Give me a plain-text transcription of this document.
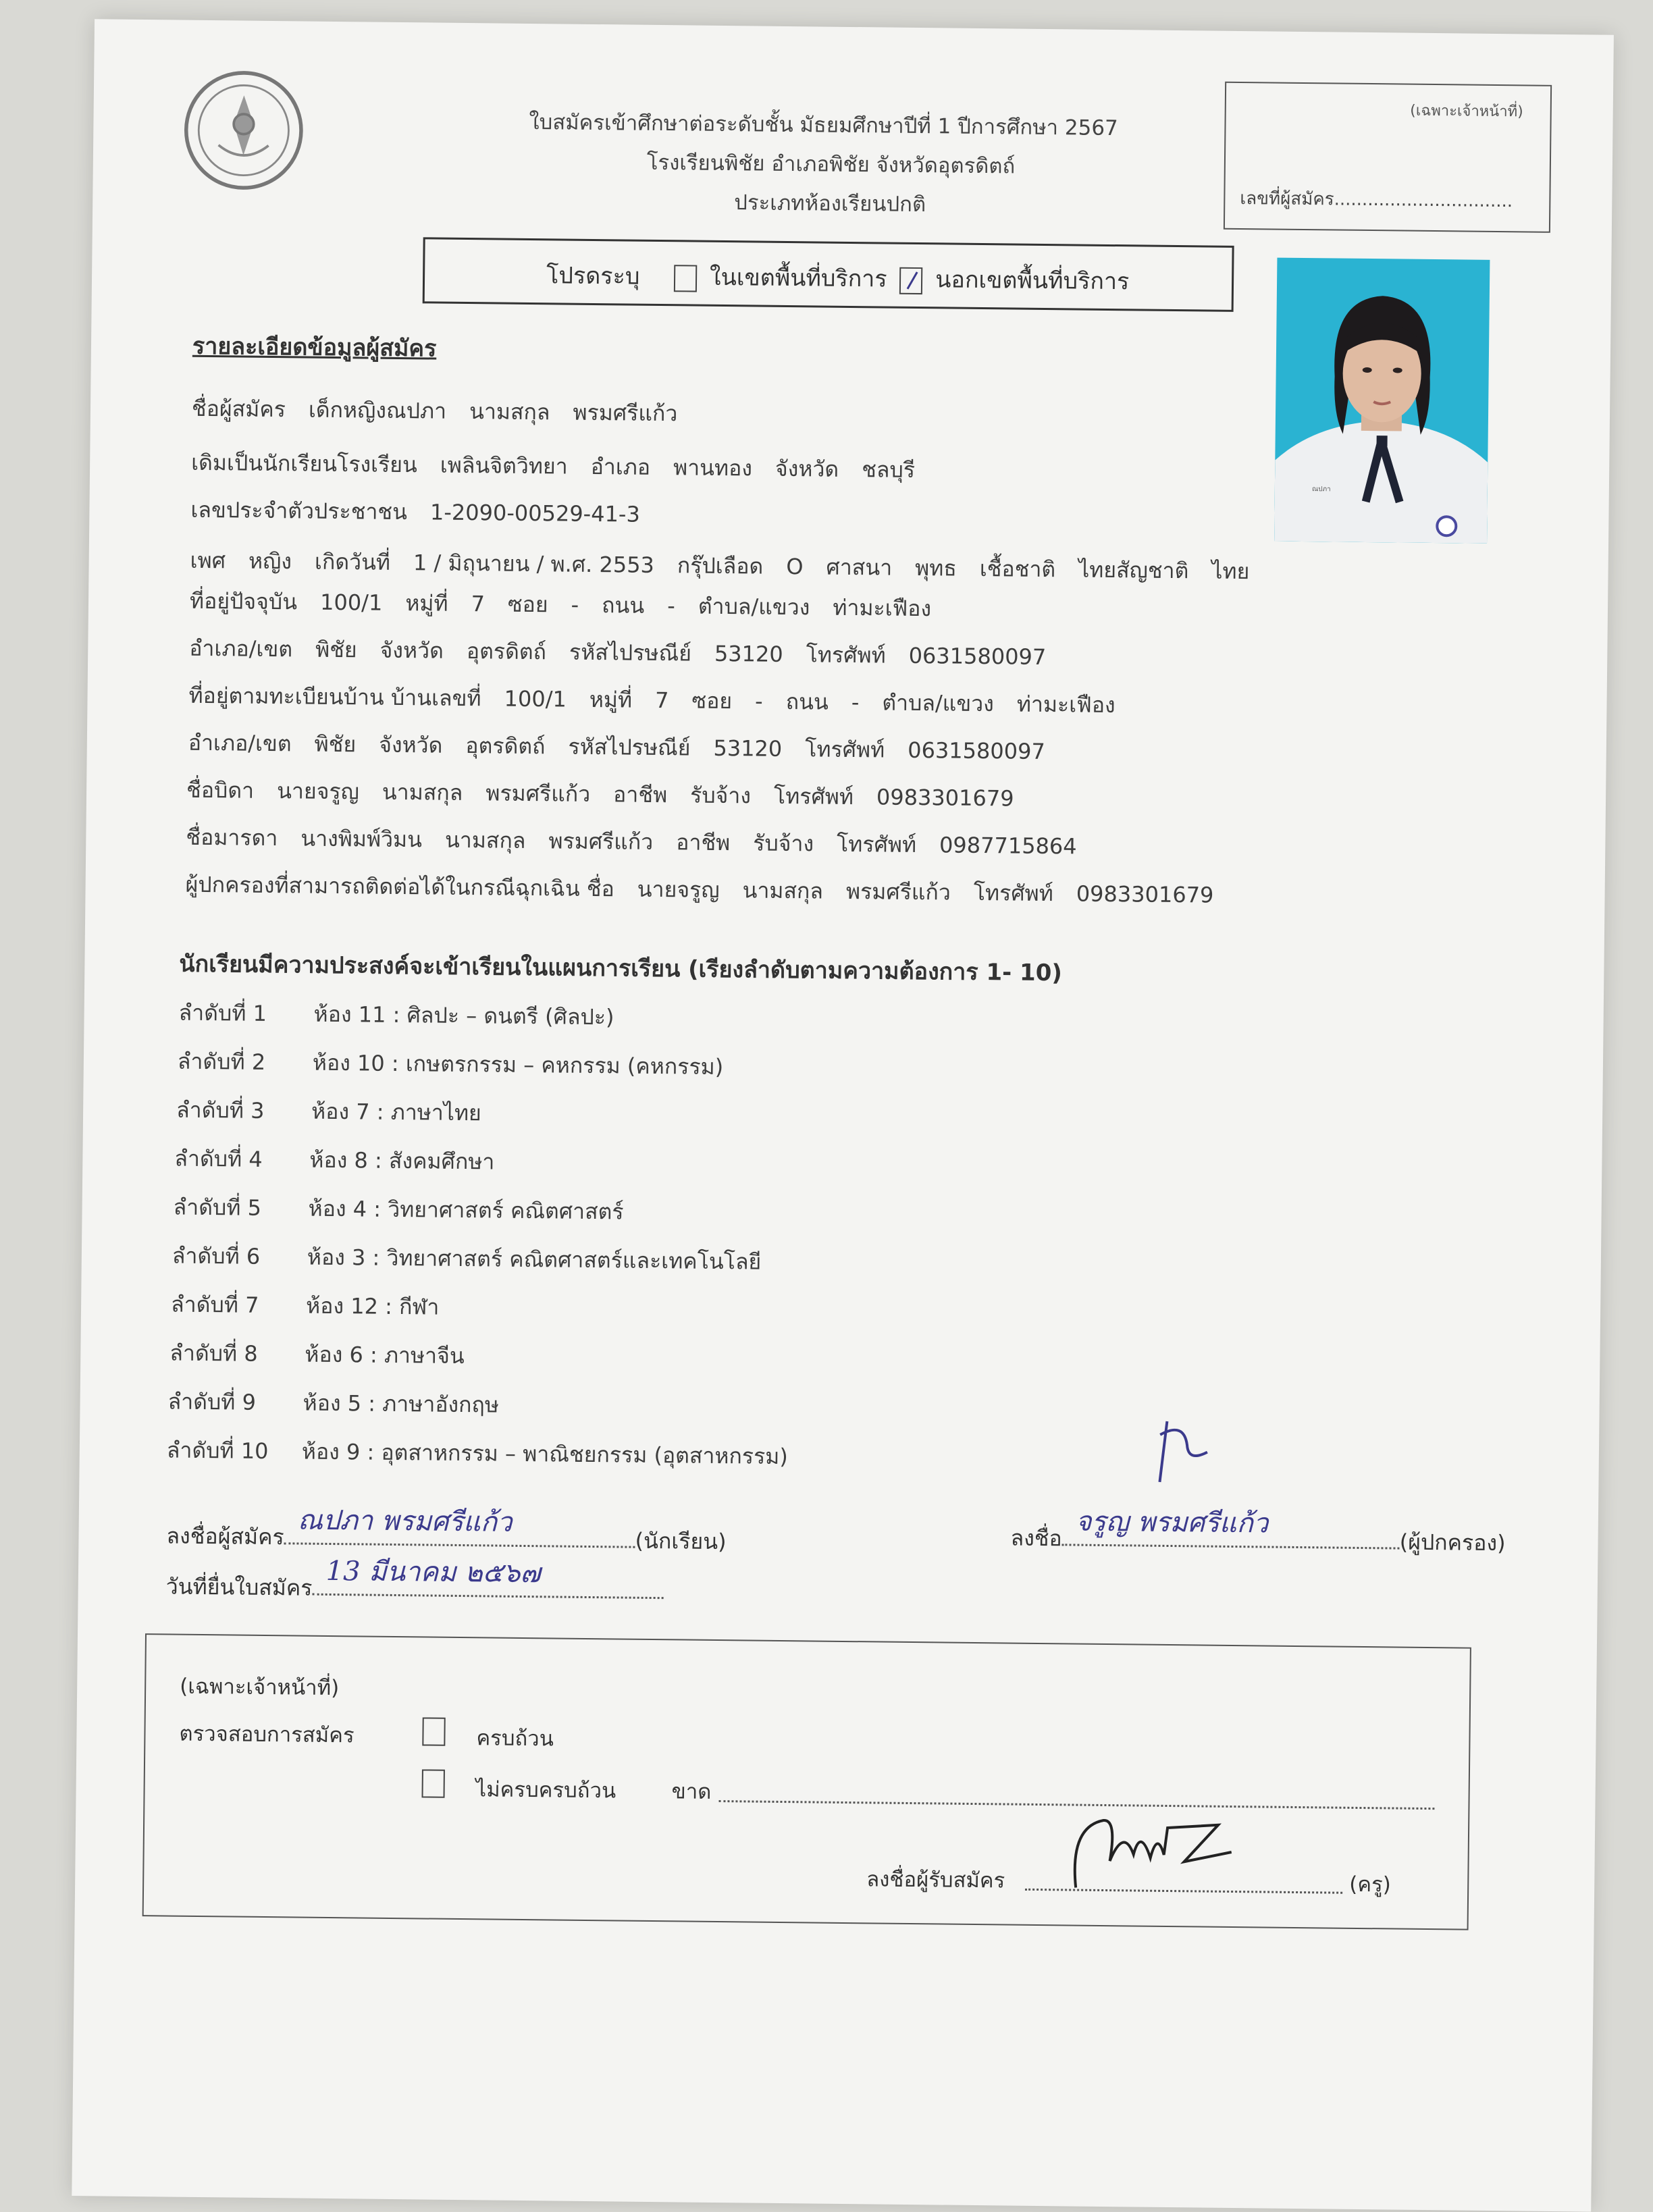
ใบสมัครเข้าศึกษาต่อระดับชั้น มัธยมศึกษาปีที่ 1 ปีการศึกษา 2567
โรงเรียนพิชัย อำเภอพิชัย จังหวัดอุตรดิตถ์
ประเภทห้องเรียนปกติ
(เฉพาะเจ้าหน้าที่)
เลขที่ผู้สมัคร................................
โปรดระบุ	ในเขตพื้นที่บริการ นอกเขตพื้นที่บริการ
ณปภา
รายละเอียดข้อมูลผู้สมัคร
ชื่อผู้สมัคร เด็กหญิงณปภา นามสกุล พรมศรีแก้ว
เดิมเป็นนักเรียนโรงเรียน เพลินจิตวิทยา อำเภอ พานทอง จังหวัด ชลบุรี
เลขประจำตัวประชาชน 1-2090-00529-41-3
เพศ หญิง เกิดวันที่ 1 / มิถุนายน / พ.ศ. 2553 กรุ๊ปเลือด O ศาสนา พุทธ เชื้อชาติ ไทยสัญชาติ ไทย
ที่อยู่ปัจจุบัน 100/1 หมู่ที่ 7 ซอย - ถนน - ตำบล/แขวง ท่ามะเฟือง
อำเภอ/เขต พิชัย จังหวัด อุตรดิตถ์ รหัสไปรษณีย์ 53120 โทรศัพท์ 0631580097
ที่อยู่ตามทะเบียนบ้าน บ้านเลขที่ 100/1 หมู่ที่ 7 ซอย - ถนน - ตำบล/แขวง ท่ามะเฟือง
อำเภอ/เขต พิชัย จังหวัด อุตรดิตถ์ รหัสไปรษณีย์ 53120 โทรศัพท์ 0631580097
ชื่อบิดา นายจรูญ นามสกุล พรมศรีแก้ว อาชีพ รับจ้าง โทรศัพท์ 0983301679
ชื่อมารดา นางพิมพ์วิมน นามสกุล พรมศรีแก้ว อาชีพ รับจ้าง โทรศัพท์ 0987715864
ผู้ปกครองที่สามารถติดต่อได้ในกรณีฉุกเฉิน ชื่อ นายจรูญ นามสกุล พรมศรีแก้ว โทรศัพท์ 0983301679
นักเรียนมีความประสงค์จะเข้าเรียนในแผนการเรียน (เรียงลำดับตามความต้องการ 1- 10)
ลำดับที่ 1 ห้อง 11 : ศิลปะ – ดนตรี (ศิลปะ)
ลำดับที่ 2 ห้อง 10 : เกษตรกรรม – คหกรรม (คหกรรม)
ลำดับที่ 3 ห้อง 7 : ภาษาไทย
ลำดับที่ 4 ห้อง 8 : สังคมศึกษา
ลำดับที่ 5 ห้อง 4 : วิทยาศาสตร์ คณิตศาสตร์
ลำดับที่ 6 ห้อง 3 : วิทยาศาสตร์ คณิตศาสตร์และเทคโนโลยี
ลำดับที่ 7 ห้อง 12 : กีฬา
ลำดับที่ 8 ห้อง 6 : ภาษาจีน
ลำดับที่ 9 ห้อง 5 : ภาษาอังกฤษ
ลำดับที่ 10 ห้อง 9 : อุตสาหกรรม – พาณิชยกรรม (อุตสาหกรรม)
ลงชื่อผู้สมัคร ณปภา พรมศรีแก้ว
(นักเรียน)
วันที่ยื่นใบสมัคร 13 มีนาคม ๒๕๖๗
ลงชื่อ จรูญ พรมศรีแก้ว
(ผู้ปกครอง)
(เฉพาะเจ้าหน้าที่)
ตรวจสอบการสมัคร	ครบถ้วน
ไม่ครบครบถ้วน	ขาด
ลงชื่อผู้รับสมัคร	(ครู)
